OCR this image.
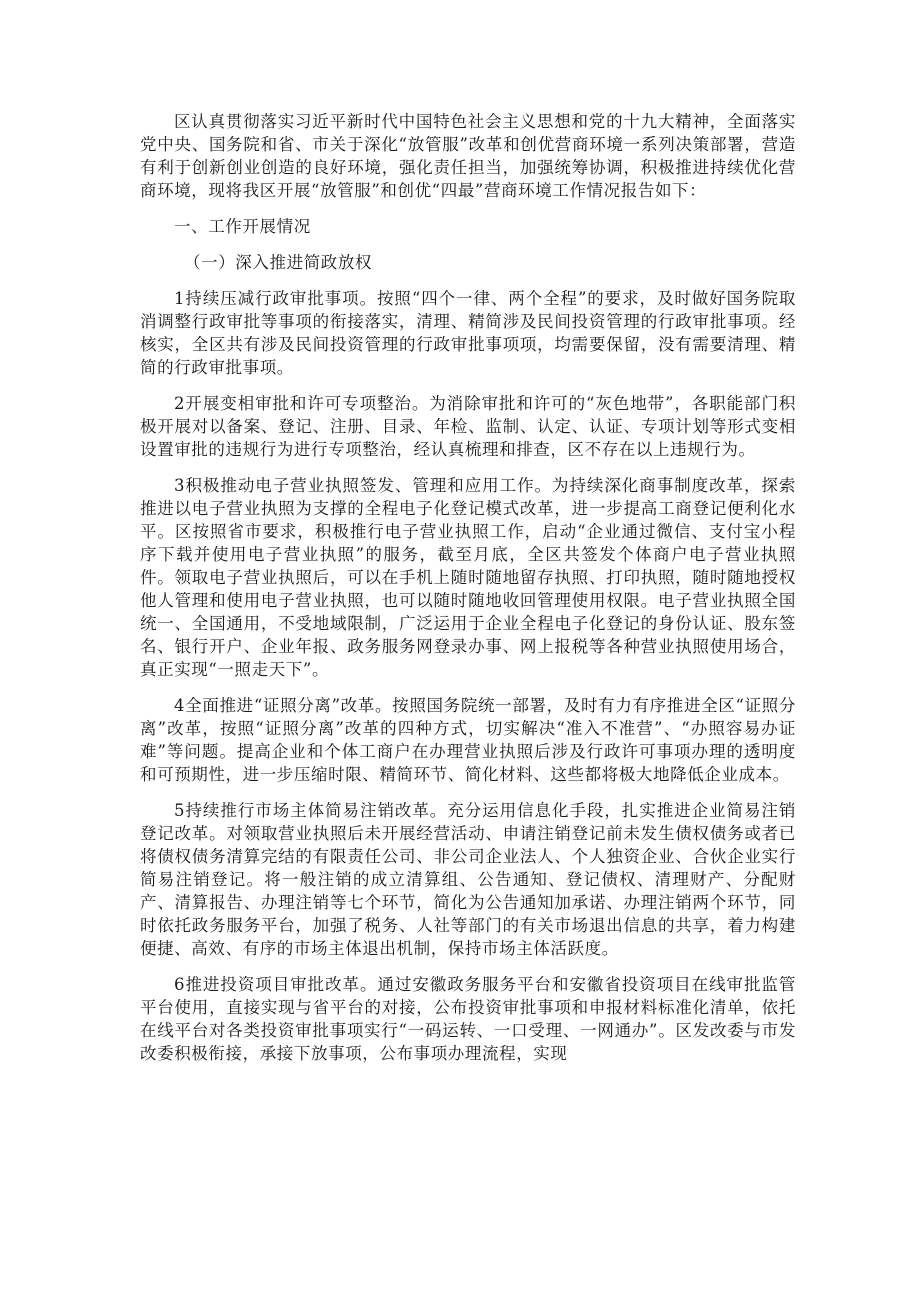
区认真贯彻落实习近平新时代中国特色社会主义思想和党的十九大精神，全面落实党中央、国务院和省、市关于深化“放管服”改革和创优营商环境一系列决策部署，营造有利于创新创业创造的良好环境，强化责任担当，加强统筹协调，积极推进持续优化营商环境，现将我区开展“放管服”和创优“四最”营商环境工作情况报告如下：

一、工作开展情况

（一）深入推进简政放权

1持续压减行政审批事项。按照“四个一律、两个全程”的要求，及时做好国务院取消调整行政审批等事项的衔接落实，清理、精简涉及民间投资管理的行政审批事项。经核实，全区共有涉及民间投资管理的行政审批事项项，均需要保留，没有需要清理、精简的行政审批事项。

2开展变相审批和许可专项整治。为消除审批和许可的“灰色地带”，各职能部门积极开展对以备案、登记、注册、目录、年检、监制、认定、认证、专项计划等形式变相设置审批的违规行为进行专项整治，经认真梳理和排查，区不存在以上违规行为。

3积极推动电子营业执照签发、管理和应用工作。为持续深化商事制度改革，探索推进以电子营业执照为支撑的全程电子化登记模式改革，进一步提高工商登记便利化水平。区按照省市要求，积极推行电子营业执照工作，启动“企业通过微信、支付宝小程序下载并使用电子营业执照”的服务，截至月底，全区共签发个体商户电子营业执照件。领取电子营业执照后，可以在手机上随时随地留存执照、打印执照，随时随地授权他人管理和使用电子营业执照，也可以随时随地收回管理使用权限。电子营业执照全国统一、全国通用，不受地域限制，广泛运用于企业全程电子化登记的身份认证、股东签名、银行开户、企业年报、政务服务网登录办事、网上报税等各种营业执照使用场合，真正实现“一照走天下”。

4全面推进“证照分离”改革。按照国务院统一部署，及时有力有序推进全区“证照分离”改革，按照“证照分离”改革的四种方式，切实解决“准入不准营”、“办照容易办证难”等问题。提高企业和个体工商户在办理营业执照后涉及行政许可事项办理的透明度和可预期性，进一步压缩时限、精简环节、简化材料、这些都将极大地降低企业成本。

5持续推行市场主体简易注销改革。充分运用信息化手段，扎实推进企业简易注销登记改革。对领取营业执照后未开展经营活动、申请注销登记前未发生债权债务或者已将债权债务清算完结的有限责任公司、非公司企业法人、个人独资企业、合伙企业实行简易注销登记。将一般注销的成立清算组、公告通知、登记债权、清理财产、分配财产、清算报告、办理注销等七个环节，简化为公告通知加承诺、办理注销两个环节，同时依托政务服务平台，加强了税务、人社等部门的有关市场退出信息的共享，着力构建便捷、高效、有序的市场主体退出机制，保持市场主体活跃度。

6推进投资项目审批改革。通过安徽政务服务平台和安徽省投资项目在线审批监管平台使用，直接实现与省平台的对接，公布投资审批事项和申报材料标准化清单，依托在线平台对各类投资审批事项实行“一码运转、一口受理、一网通办”。区发改委与市发改委积极衔接，承接下放事项，公布事项办理流程，实现
